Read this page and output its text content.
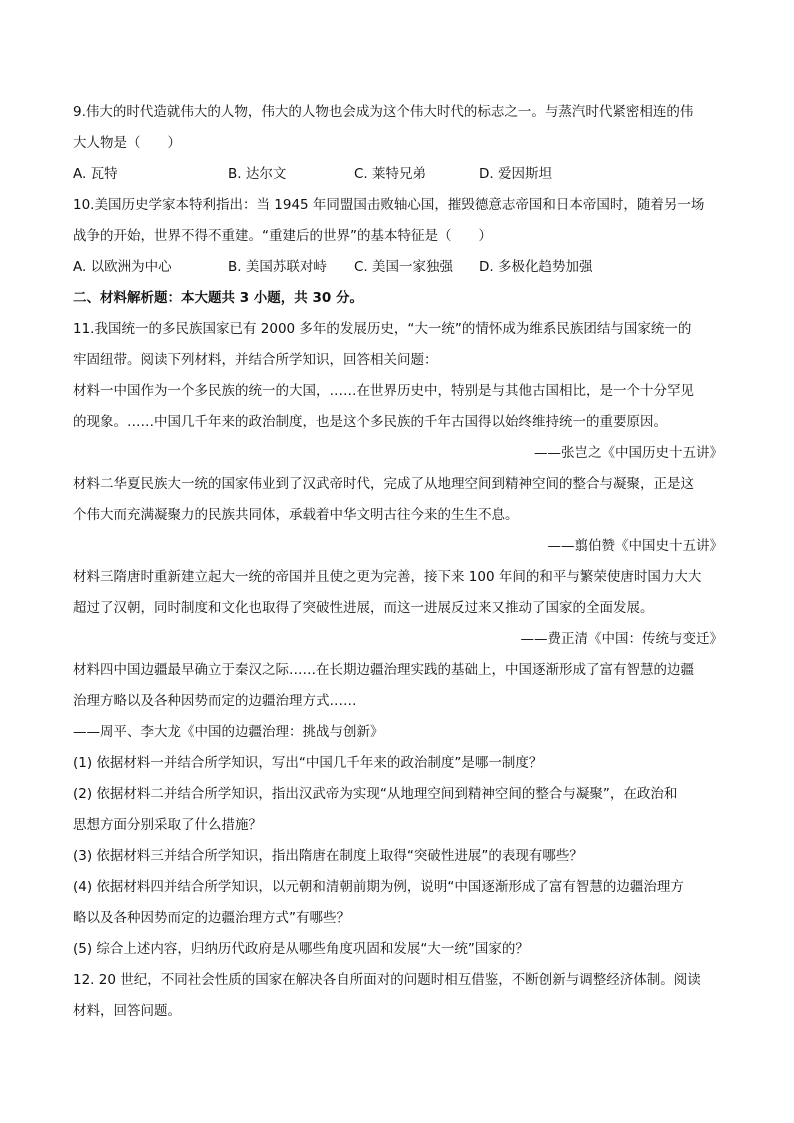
9.伟大的时代造就伟大的人物，伟大的人物也会成为这个伟大时代的标志之一。与蒸汽时代紧密相连的伟
大人物是（　　）
A. 瓦特	B. 达尔文	C. 莱特兄弟	D. 爱因斯坦
10.美国历史学家本特利指出：当 1945 年同盟国击败轴心国，摧毁德意志帝国和日本帝国时，随着另一场
战争的开始，世界不得不重建。“重建后的世界”的基本特征是（　　）
A. 以欧洲为中心	B. 美国苏联对峙	C. 美国一家独强	D. 多极化趋势加强
二、材料解析题：本大题共 3 小题，共 30 分。
11.我国统一的多民族国家已有 2000 多年的发展历史，“大一统”的情怀成为维系民族团结与国家统一的
牢固纽带。阅读下列材料，并结合所学知识，回答相关问题：
材料一中国作为一个多民族的统一的大国，……在世界历史中，特别是与其他古国相比，是一个十分罕见
的现象。……中国几千年来的政治制度，也是这个多民族的千年古国得以始终维持统一的重要原因。
——张岂之《中国历史十五讲》
材料二华夏民族大一统的国家伟业到了汉武帝时代，完成了从地理空间到精神空间的整合与凝聚，正是这
个伟大而充满凝聚力的民族共同体，承载着中华文明古往今来的生生不息。
——翦伯赞《中国史十五讲》
材料三隋唐时重新建立起大一统的帝国并且使之更为完善，接下来 100 年间的和平与繁荣使唐时国力大大
超过了汉朝，同时制度和文化也取得了突破性进展，而这一进展反过来又推动了国家的全面发展。
——费正清《中国：传统与变迁》
材料四中国边疆最早确立于秦汉之际……在长期边疆治理实践的基础上，中国逐渐形成了富有智慧的边疆
治理方略以及各种因势而定的边疆治理方式……
——周平、李大龙《中国的边疆治理：挑战与创新》
(1) 依据材料一并结合所学知识，写出“中国几千年来的政治制度”是哪一制度？
(2) 依据材料二并结合所学知识，指出汉武帝为实现“从地理空间到精神空间的整合与凝聚”，在政治和
思想方面分别采取了什么措施？
(3) 依据材料三并结合所学知识，指出隋唐在制度上取得“突破性进展”的表现有哪些？
(4) 依据材料四并结合所学知识，以元朝和清朝前期为例，说明“中国逐渐形成了富有智慧的边疆治理方
略以及各种因势而定的边疆治理方式”有哪些？
(5) 综合上述内容，归纳历代政府是从哪些角度巩固和发展“大一统”国家的？
12. 20 世纪，不同社会性质的国家在解决各自所面对的问题时相互借鉴，不断创新与调整经济体制。阅读
材料，回答问题。
